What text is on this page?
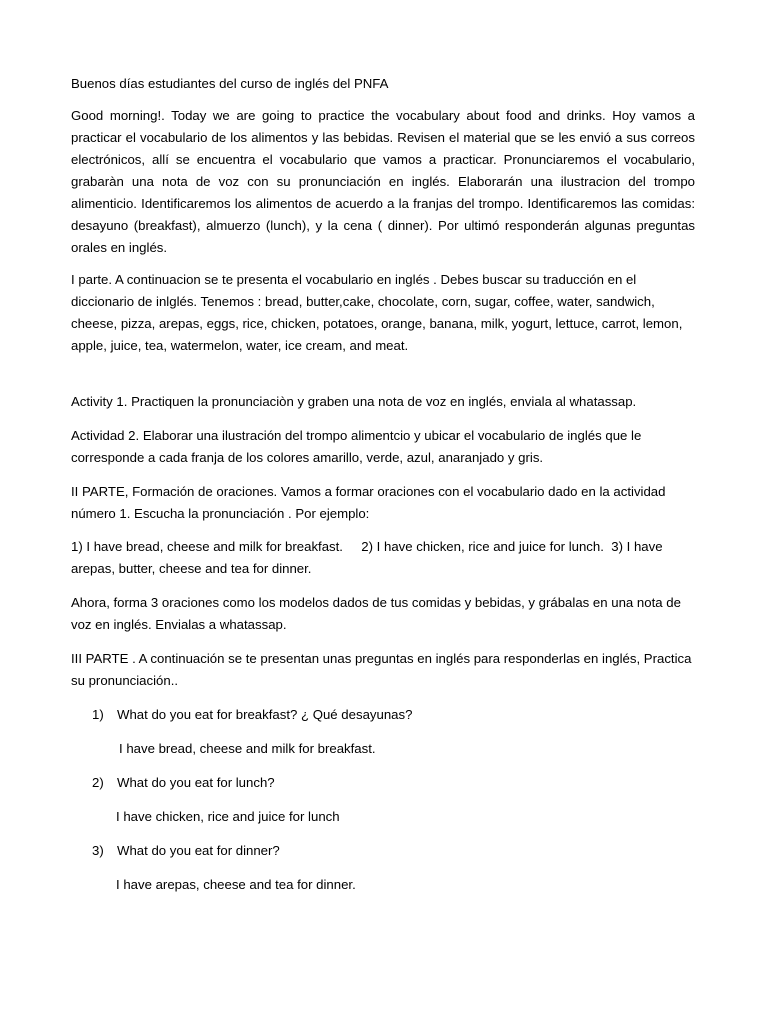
Buenos días estudiantes del curso de inglés del PNFA

Good morning!. Today we are going to practice the vocabulary about food and drinks. Hoy vamos a practicar el vocabulario de los alimentos y las bebidas. Revisen el material que se les envió a sus correos electrónicos, allí se encuentra el vocabulario que vamos a practicar. Pronunciaremos el vocabulario, grabaràn una nota de voz con su pronunciación en inglés. Elaborarán una ilustracion del trompo alimenticio. Identificaremos los alimentos de acuerdo a la franjas del trompo. Identificaremos las comidas: desayuno (breakfast), almuerzo (lunch), y la cena ( dinner). Por ultimó responderán algunas preguntas orales en inglés.

I parte. A continuacion se te presenta el vocabulario en inglés . Debes buscar su traducción en el diccionario de inlglés. Tenemos : bread, butter,cake, chocolate, corn, sugar, coffee, water, sandwich, cheese, pizza, arepas, eggs, rice, chicken, potatoes, orange, banana, milk, yogurt, lettuce, carrot, lemon, apple, juice, tea, watermelon, water, ice cream, and meat.

Activity 1. Practiquen la pronunciaciòn y graben una nota de voz en inglés, enviala al whatassap.

Actividad 2. Elaborar una ilustración del trompo alimentcio y ubicar el vocabulario de inglés que le corresponde a cada franja de los colores amarillo, verde, azul, anaranjado y gris.

II PARTE, Formación de oraciones. Vamos a formar oraciones con el vocabulario dado en la actividad número 1. Escucha la pronunciación . Por ejemplo:

1) I have bread, cheese and milk for breakfast.     2) I have chicken, rice and juice for lunch.  3) I have arepas, butter, cheese and tea for dinner.

Ahora, forma 3 oraciones como los modelos dados de tus comidas y bebidas, y grábalas en una nota de voz en inglés. Envialas a whatassap.

III PARTE . A continuación se te presentan unas preguntas en inglés para responderlas en inglés, Practica su pronunciación..

1) What do you eat for breakfast? ¿ Qué desayunas?

I have bread, cheese and milk for breakfast.

2) What do you eat for lunch?

I have chicken, rice and juice for lunch

3) What do you eat for dinner?

I have arepas, cheese and tea for dinner.
